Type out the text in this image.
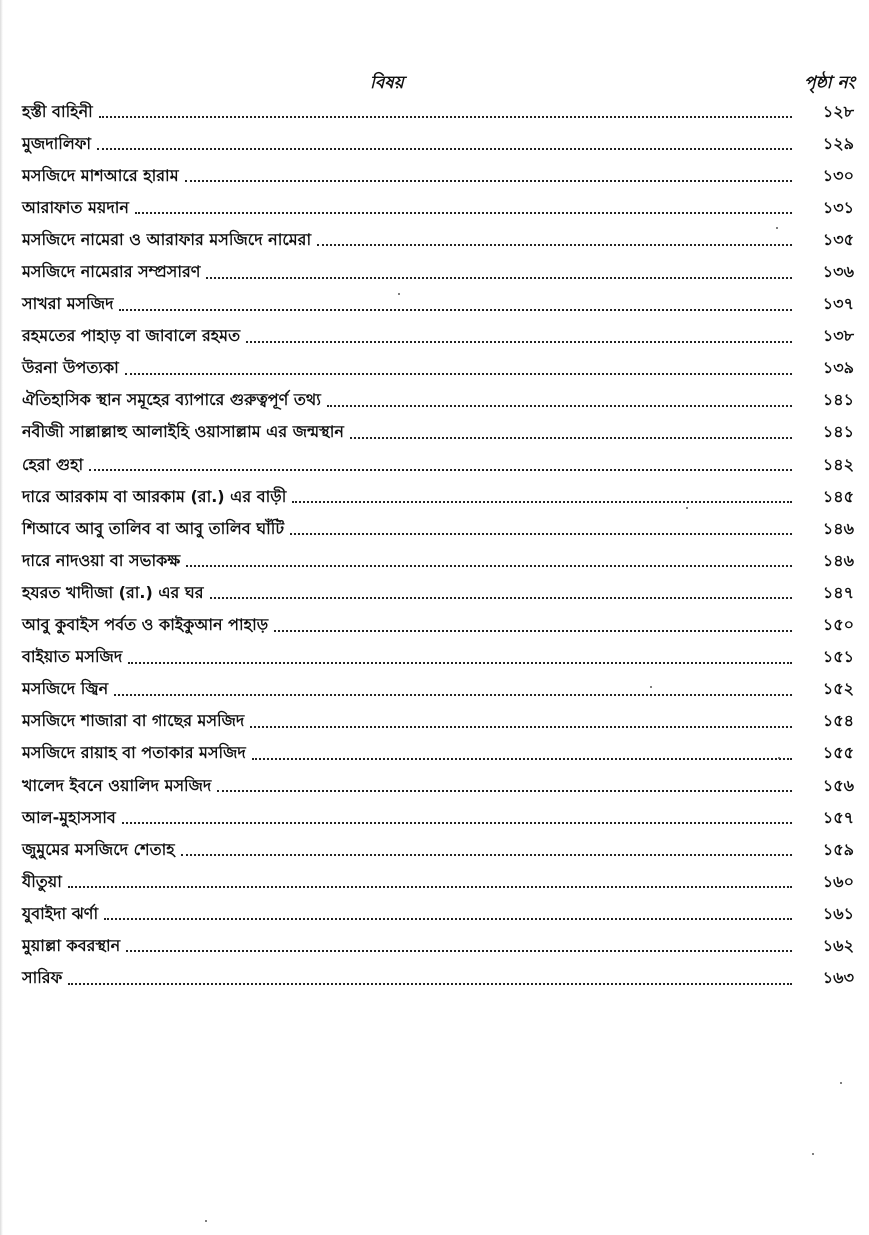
বিষয়	পৃষ্ঠা নং
হস্তী বাহিনী	১২৮
মুজদালিফা	১২৯
মসজিদে মাশআরে হারাম	১৩০
আরাফাত ময়দান	১৩১
মসজিদে নামেরা ও আরাফার মসজিদে নামেরা	১৩৫
মসজিদে নামেরার সম্প্রসারণ	১৩৬
সাখরা মসজিদ	১৩৭
রহমতের পাহাড় বা জাবালে রহমত	১৩৮
উরনা উপত্যকা	১৩৯
ঐতিহাসিক স্থান সমূহের ব্যাপারে গুরুত্বপূর্ণ তথ্য	১৪১
নবীজী সাল্লাল্লাহু আলাইহি ওয়াসাল্লাম এর জন্মস্থান	১৪১
হেরা গুহা	১৪২
দারে আরকাম বা আরকাম (রা.) এর বাড়ী	১৪৫
শিআবে আবু তালিব বা আবু তালিব ঘাঁটি	১৪৬
দারে নাদওয়া বা সভাকক্ষ	১৪৬
হযরত খাদীজা (রা.) এর ঘর	১৪৭
আবু কুবাইস পর্বত ও কাইকুআন পাহাড়	১৫০
বাইয়াত মসজিদ	১৫১
মসজিদে জ্বিন	১৫২
মসজিদে শাজারা বা গাছের মসজিদ	১৫৪
মসজিদে রায়াহ বা পতাকার মসজিদ	১৫৫
খালেদ ইবনে ওয়ালিদ মসজিদ	১৫৬
আল-মুহাসসাব	১৫৭
জুমুমের মসজিদে শেতাহ	১৫৯
যীতুয়া	১৬০
যুবাইদা ঝর্ণা	১৬১
মুয়াল্লা কবরস্থান	১৬২
সারিফ	১৬৩
